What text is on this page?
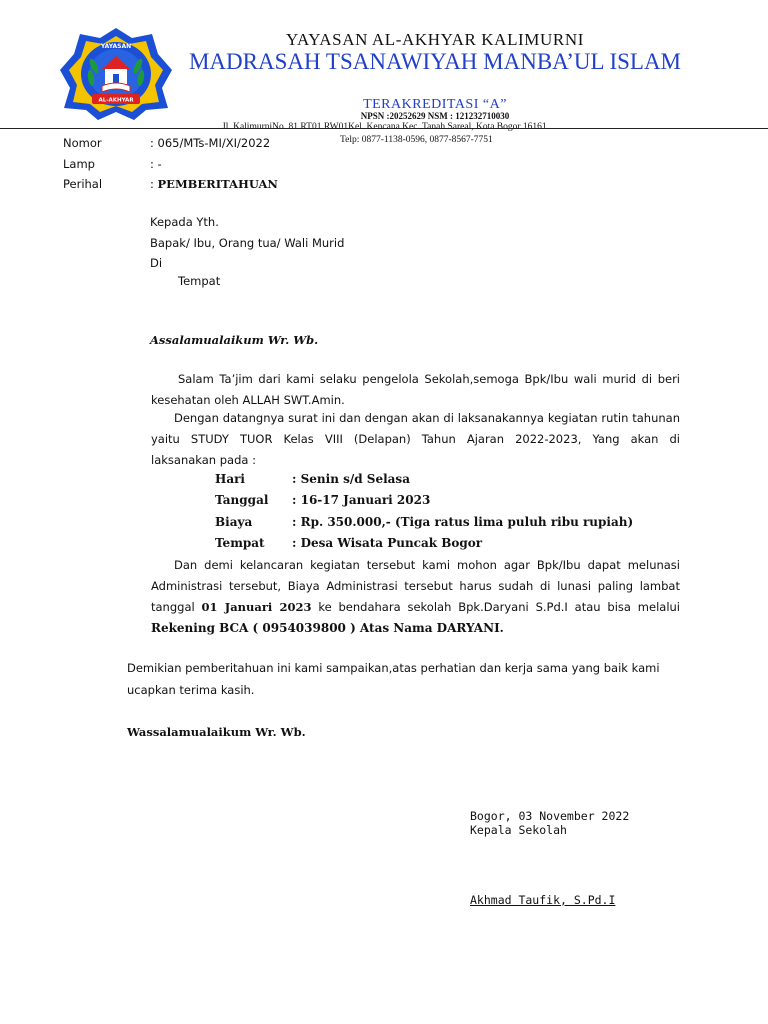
YAYASAN
AL-AKHYAR
YAYASAN AL-AKHYAR KALIMURNI
MADRASAH TSANAWIYAH MANBA’UL ISLAM
TERAKREDITASI “A”
NPSN :20252629 NSM : 121232710030
Jl. KalimurniNo. 81 RT01 RW01Kel. Kencana Kec. Tanah Sareal, Kota Bogor 16161
Telp: 0877-1138-0596, 0877-8567-7751
Nomor	: 065/MTs-MI/XI/2022
Lamp	: -
Perihal	: PEMBERITAHUAN
Kepada Yth.
Bapak/ Ibu, Orang tua/ Wali Murid
Di
Tempat
Assalamualaikum Wr. Wb.
Salam Ta’jim dari kami selaku pengelola Sekolah,semoga Bpk/Ibu wali murid di beri
kesehatan oleh ALLAH SWT.Amin.
Dengan datangnya surat ini dan dengan akan di laksanakannya kegiatan rutin tahunan
yaitu STUDY TUOR Kelas VIII (Delapan) Tahun Ajaran 2022-2023, Yang akan di
laksanakan pada :
Hari	: Senin s/d Selasa
Tanggal : 16-17 Januari 2023
Biaya	: Rp. 350.000,- (Tiga ratus lima puluh ribu rupiah)
Tempat : Desa Wisata Puncak Bogor
Dan demi kelancaran kegiatan tersebut kami mohon agar Bpk/Ibu dapat melunasi
Administrasi tersebut, Biaya Administrasi tersebut harus sudah di lunasi paling lambat
tanggal 01 Januari 2023 ke bendahara sekolah Bpk.Daryani S.Pd.I atau bisa melalui
Rekening BCA ( 0954039800 ) Atas Nama DARYANI.
Demikian pemberitahuan ini kami sampaikan,atas perhatian dan kerja sama yang baik kami
ucapkan terima kasih.
Wassalamualaikum Wr. Wb.
Bogor, 03 November 2022
Kepala Sekolah
Akhmad Taufik, S.Pd.I
